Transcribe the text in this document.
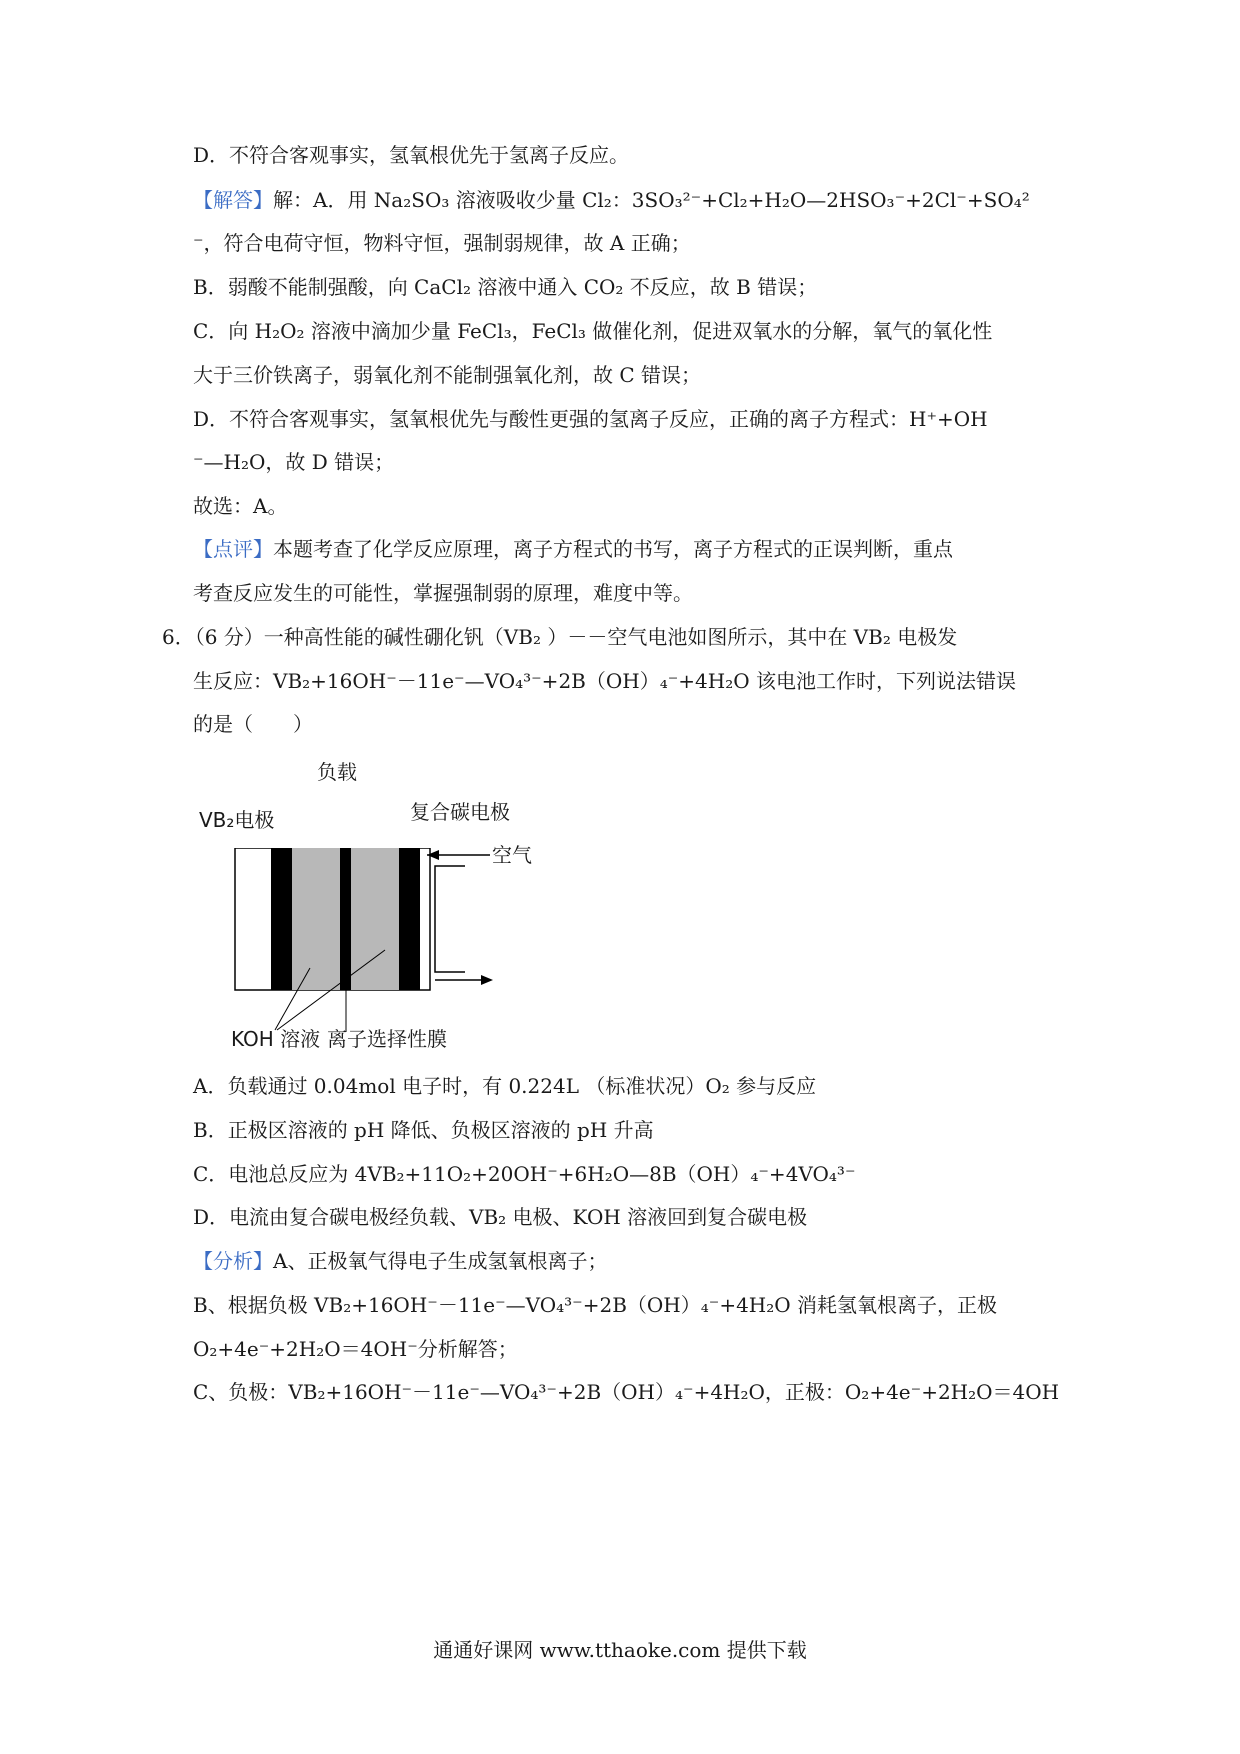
D．不符合客观事实，氢氧根优先于氢离子反应。
【解答】解：A．用 Na₂SO₃ 溶液吸收少量 Cl₂：3SO₃²⁻+Cl₂+H₂O—2HSO₃⁻+2Cl⁻+SO₄²
⁻，符合电荷守恒，物料守恒，强制弱规律，故 A 正确；
B．弱酸不能制强酸，向 CaCl₂ 溶液中通入 CO₂ 不反应，故 B 错误；
C．向 H₂O₂ 溶液中滴加少量 FeCl₃，FeCl₃ 做催化剂，促进双氧水的分解，氧气的氧化性
大于三价铁离子，弱氧化剂不能制强氧化剂，故 C 错误；
D．不符合客观事实，氢氧根优先与酸性更强的氢离子反应，正确的离子方程式：H⁺+OH
⁻—H₂O，故 D 错误；
故选：A。
【点评】本题考查了化学反应原理，离子方程式的书写，离子方程式的正误判断，重点
考查反应发生的可能性，掌握强制弱的原理，难度中等。
6．（6 分）一种高性能的碱性硼化钒（VB₂ ）－－空气电池如图所示，其中在 VB₂ 电极发
生反应：VB₂+16OH⁻－11e⁻—VO₄³⁻+2B（OH）₄⁻+4H₂O 该电池工作时，下列说法错误
的是（　　）
负载
VB₂电极	复合碳电极
空气
KOH 溶液 离子选择性膜
A．负载通过 0.04mol 电子时，有 0.224L （标准状况）O₂ 参与反应
B．正极区溶液的 pH 降低、负极区溶液的 pH 升高
C．电池总反应为 4VB₂+11O₂+20OH⁻+6H₂O—8B（OH）₄⁻+4VO₄³⁻
D．电流由复合碳电极经负载、VB₂ 电极、KOH 溶液回到复合碳电极
【分析】A、正极氧气得电子生成氢氧根离子；
B、根据负极 VB₂+16OH⁻－11e⁻—VO₄³⁻+2B（OH）₄⁻+4H₂O 消耗氢氧根离子，正极
O₂+4e⁻+2H₂O＝4OH⁻分析解答；
C、负极：VB₂+16OH⁻－11e⁻—VO₄³⁻+2B（OH）₄⁻+4H₂O，正极：O₂+4e⁻+2H₂O＝4OH
通通好课网 www.tthaoke.com 提供下载
